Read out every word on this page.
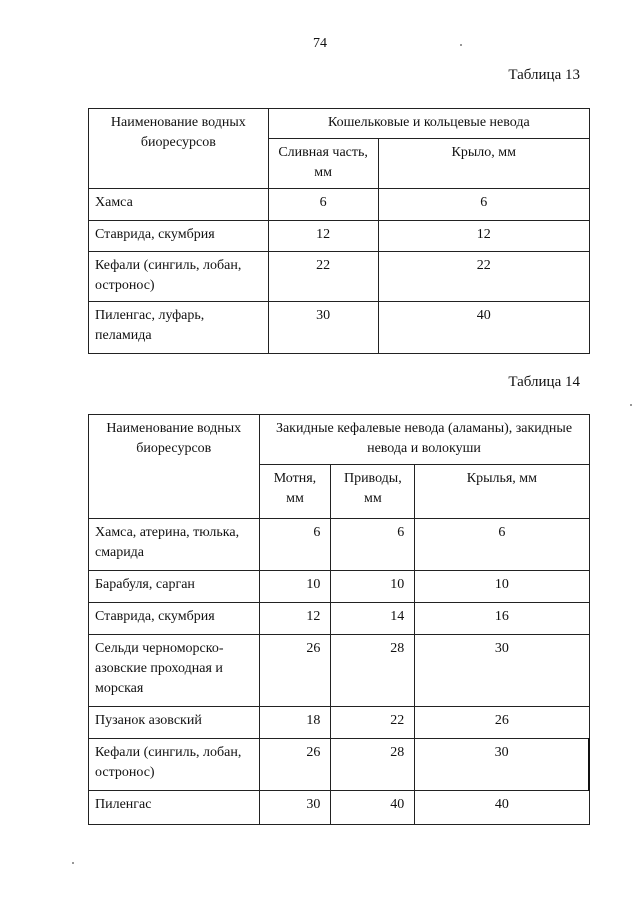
74
Таблица 13
Наименование водных биоресурсов	Кошельковые и кольцевые невода	
	Сливная часть, мм	Крыло, мм
Хамса	6	6
Ставрида, скумбрия	12	12
Кефали (сингиль, лобан, остронос)	22	22
Пиленгас, луфарь, пеламида	30	40
Таблица 14
Наименование водных биоресурсов	Закидные кефалевые невода (аламаны), закидные невода и волокуши		
	Мотня, мм	Приводы, мм	Крылья, мм
Хамса, атерина, тюлька, смарида	6	6	6
Барабуля, сарган	10	10	10
Ставрида, скумбрия	12	14	16
Сельди черноморско-азовские проходная и морская	26	28	30
Пузанок азовский	18	22	26
Кефали (сингиль, лобан, остронос)	26	28	30
Пиленгас	30	40	40
